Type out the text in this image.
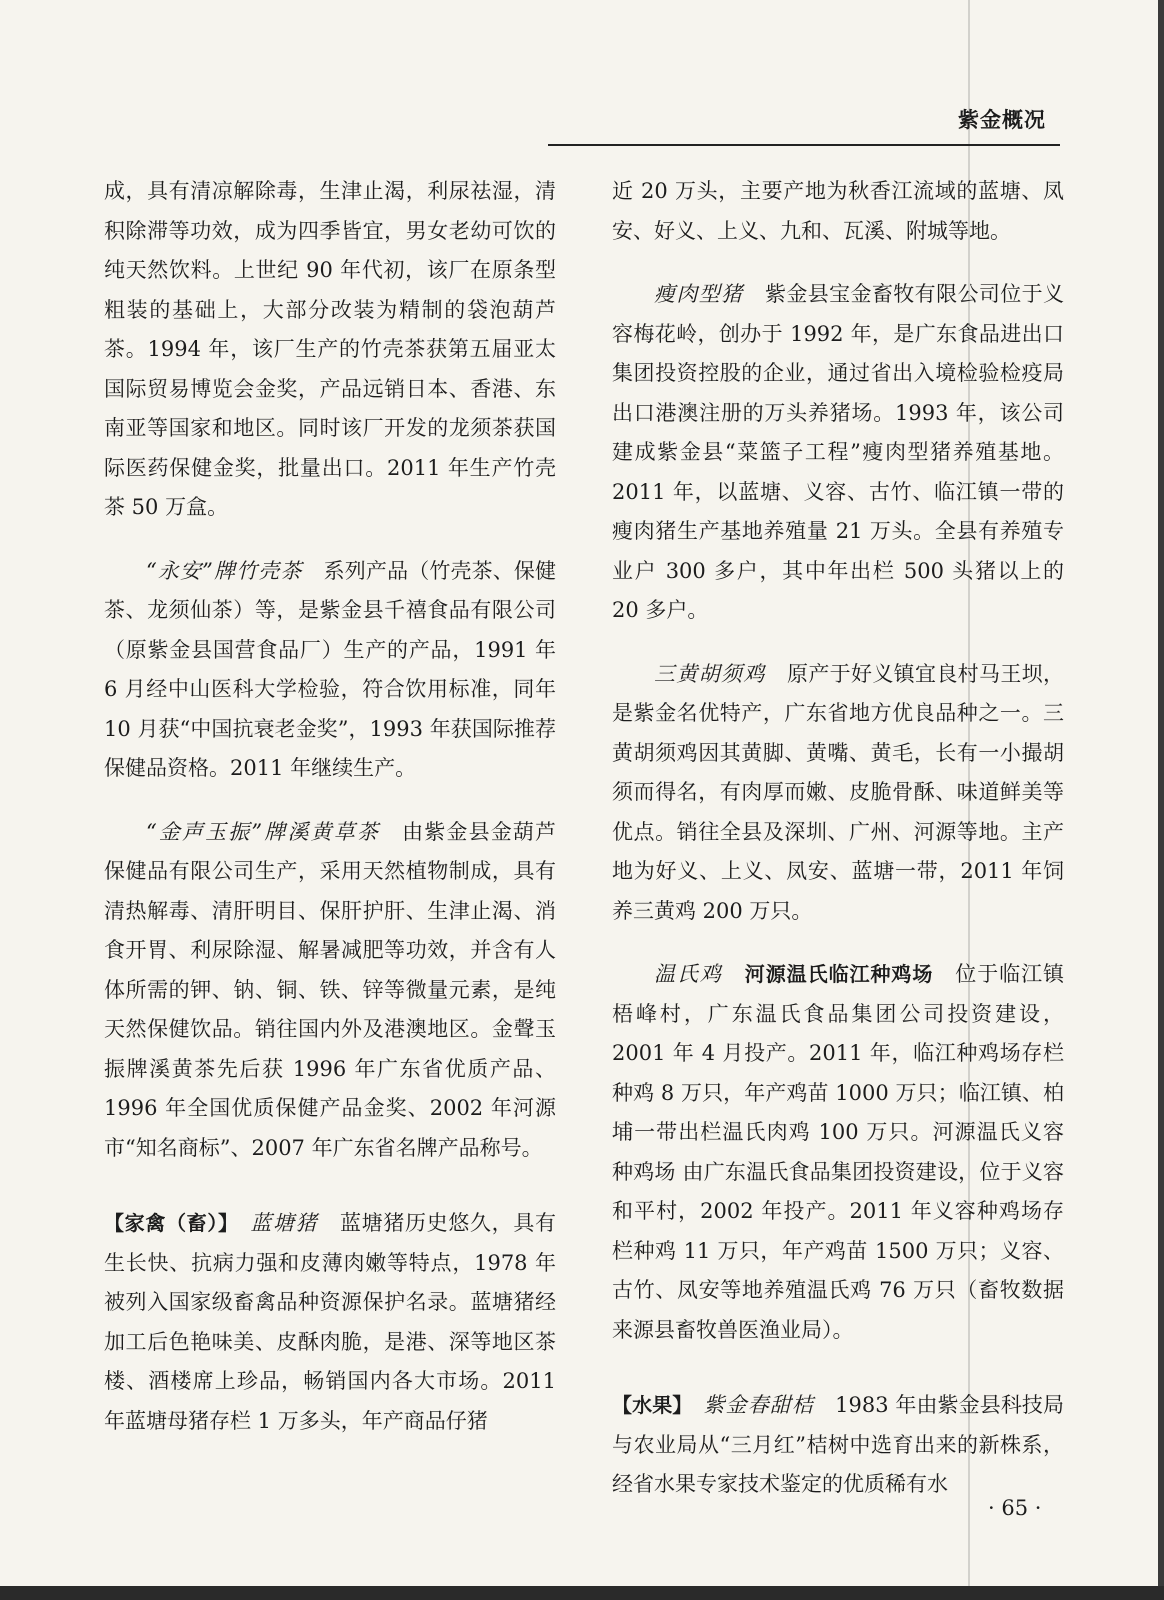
紫金概况

成，具有清凉解除毒，生津止渴，利尿祛湿，清积除滞等功效，成为四季皆宜，男女老幼可饮的纯天然饮料。上世纪 90 年代初，该厂在原条型粗装的基础上，大部分改装为精制的袋泡葫芦茶。1994 年，该厂生产的竹壳茶获第五届亚太国际贸易博览会金奖，产品远销日本、香港、东南亚等国家和地区。同时该厂开发的龙须茶获国际医药保健金奖，批量出口。2011 年生产竹壳茶 50 万盒。

“永安”牌竹壳茶　 系列产品（竹壳茶、保健茶、龙须仙茶）等，是紫金县千禧食品有限公司（原紫金县国营食品厂）生产的产品，1991 年 6 月经中山医科大学检验，符合饮用标准，同年 10 月获“中国抗衰老金奖”，1993 年获国际推荐保健品资格。2011 年继续生产。

“金声玉振”牌溪黄草茶　 由紫金县金葫芦保健品有限公司生产，采用天然植物制成，具有清热解毒、清肝明目、保肝护肝、生津止渴、消食开胃、利尿除湿、解暑减肥等功效，并含有人体所需的钾、钠、铜、铁、锌等微量元素，是纯天然保健饮品。销往国内外及港澳地区。金聲玉振牌溪黄茶先后获 1996 年广东省优质产品、1996 年全国优质保健产品金奖、2002 年河源市“知名商标”、2007 年广东省名牌产品称号。

【家禽（畜）】　 蓝塘猪　 蓝塘猪历史悠久，具有生长快、抗病力强和皮薄肉嫩等特点，1978 年被列入国家级畜禽品种资源保护名录。蓝塘猪经加工后色艳味美、皮酥肉脆，是港、深等地区茶楼、酒楼席上珍品，畅销国内各大市场。2011 年蓝塘母猪存栏 1 万多头，年产商品仔猪

近 20 万头，主要产地为秋香江流域的蓝塘、凤安、好义、上义、九和、瓦溪、附城等地。

瘦肉型猪　 紫金县宝金畜牧有限公司位于义容梅花岭，创办于 1992 年，是广东食品进出口集团投资控股的企业，通过省出入境检验检疫局出口港澳注册的万头养猪场。1993 年，该公司建成紫金县“菜篮子工程”瘦肉型猪养殖基地。2011 年，以蓝塘、义容、古竹、临江镇一带的瘦肉猪生产基地养殖量 21 万头。全县有养殖专业户 300 多户，其中年出栏 500 头猪以上的 20 多户。

三黄胡须鸡　 原产于好义镇宜良村马王坝，是紫金名优特产，广东省地方优良品种之一。三黄胡须鸡因其黄脚、黄嘴、黄毛，长有一小撮胡须而得名，有肉厚而嫩、皮脆骨酥、味道鲜美等优点。销往全县及深圳、广州、河源等地。主产地为好义、上义、凤安、蓝塘一带，2011 年饲养三黄鸡 200 万只。

温氏鸡　 河源温氏临江种鸡场　 位于临江镇梧峰村，广东温氏食品集团公司投资建设，2001 年 4 月投产。2011 年，临江种鸡场存栏种鸡 8 万只，年产鸡苗 1000 万只；临江镇、柏埔一带出栏温氏肉鸡 100 万只。河源温氏义容种鸡场 由广东温氏食品集团投资建设，位于义容和平村，2002 年投产。2011 年义容种鸡场存栏种鸡 11 万只，年产鸡苗 1500 万只；义容、古竹、凤安等地养殖温氏鸡 76 万只（畜牧数据来源县畜牧兽医渔业局）。

【水果】　 紫金春甜桔　 1983 年由紫金县科技局与农业局从“三月红”桔树中选育出来的新株系，经省水果专家技术鉴定的优质稀有水

· 65 ·
